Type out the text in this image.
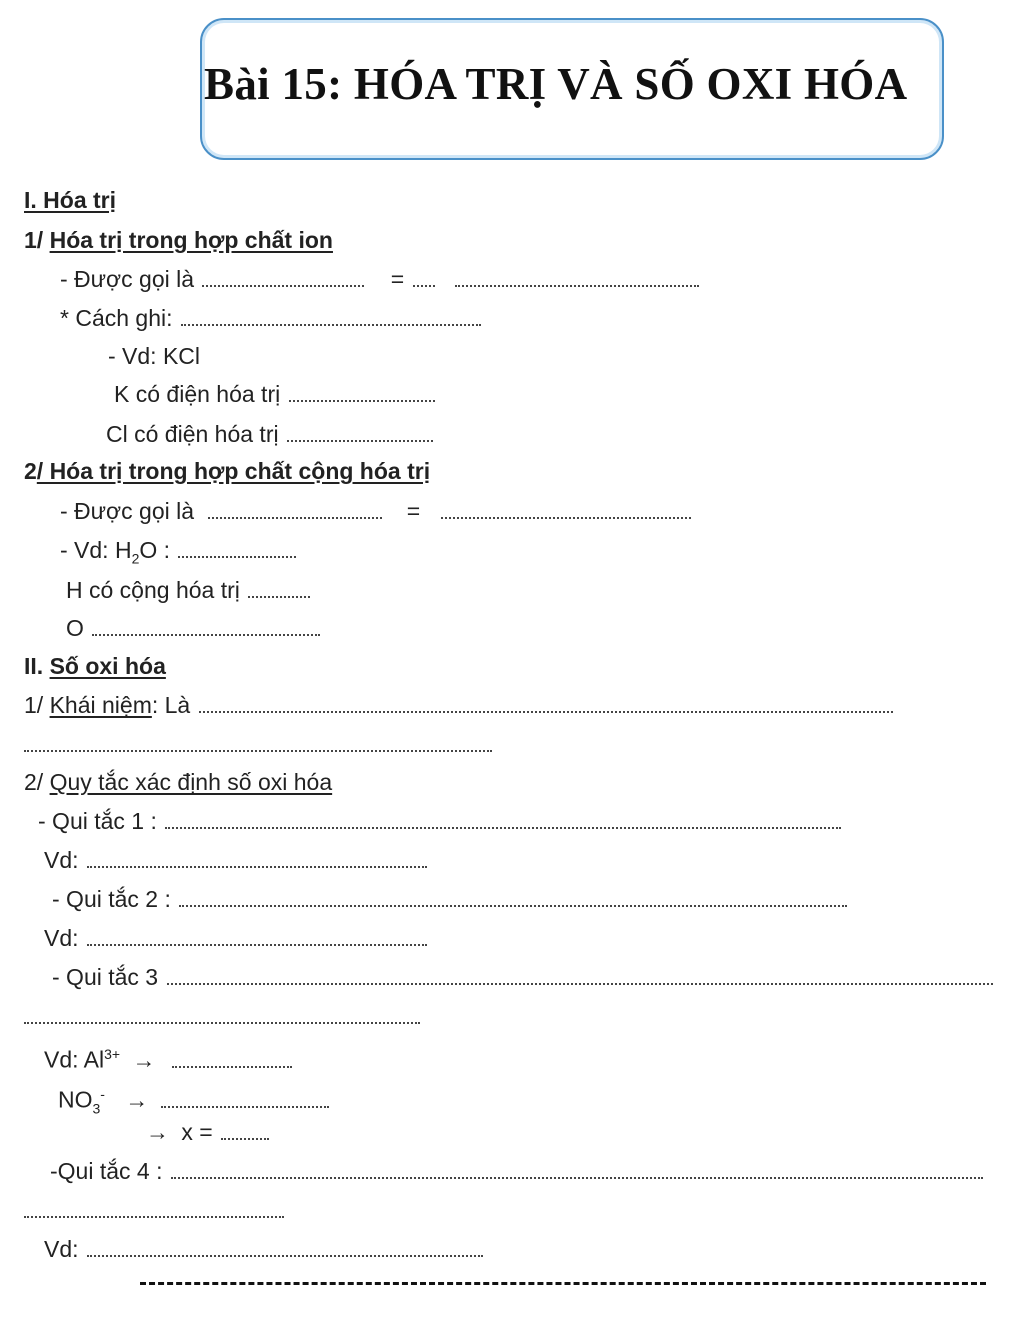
Bài 15: HÓA TRỊ VÀ SỐ OXI HÓA
I. Hóa trị
1/ Hóa trị trong hợp chất ion
- Được gọi là	=
* Cách ghi:
- Vd: KCl
K có điện hóa trị
Cl có điện hóa trị
2/ Hóa trị trong hợp chất cộng hóa trị
- Được gọi là	=
- Vd: $H_2O$ :
H có cộng hóa trị
O
II. Số oxi hóa
1/ Khái niệm: Là
2/ Quy tắc xác định số oxi hóa
- Qui tắc 1 :
Vd:
- Qui tắc 2 :
Vd:
- Qui tắc 3
Vd: $Al^{3+}$ →
$NO_3^-$ →
→ x =
-Qui tắc 4 :
Vd:
